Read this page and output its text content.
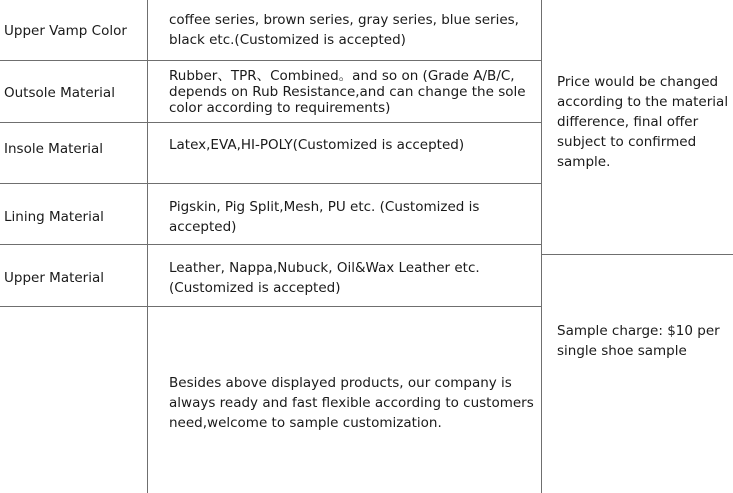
Upper Vamp Color

coffee series, brown series, gray series, blue series, black etc.(Customized is accepted)

Outsole Material

Rubber、TPR、Combined。and so on (Grade A/B/C, depends on Rub Resistance,and can change the sole color according to requirements)

Insole Material	Latex,EVA,HI-POLY(Customized is accepted)

Lining Material

Pigskin, Pig Split,Mesh, PU etc. (Customized is accepted)

Upper Material

Leather, Nappa,Nubuck, Oil&Wax Leather etc. (Customized is accepted)

Besides above displayed products, our company is always ready and fast flexible according to customers need,welcome to sample customization.

Price would be changed according to the material difference, final offer subject to confirmed sample.

Sample charge: $10 per single shoe sample
